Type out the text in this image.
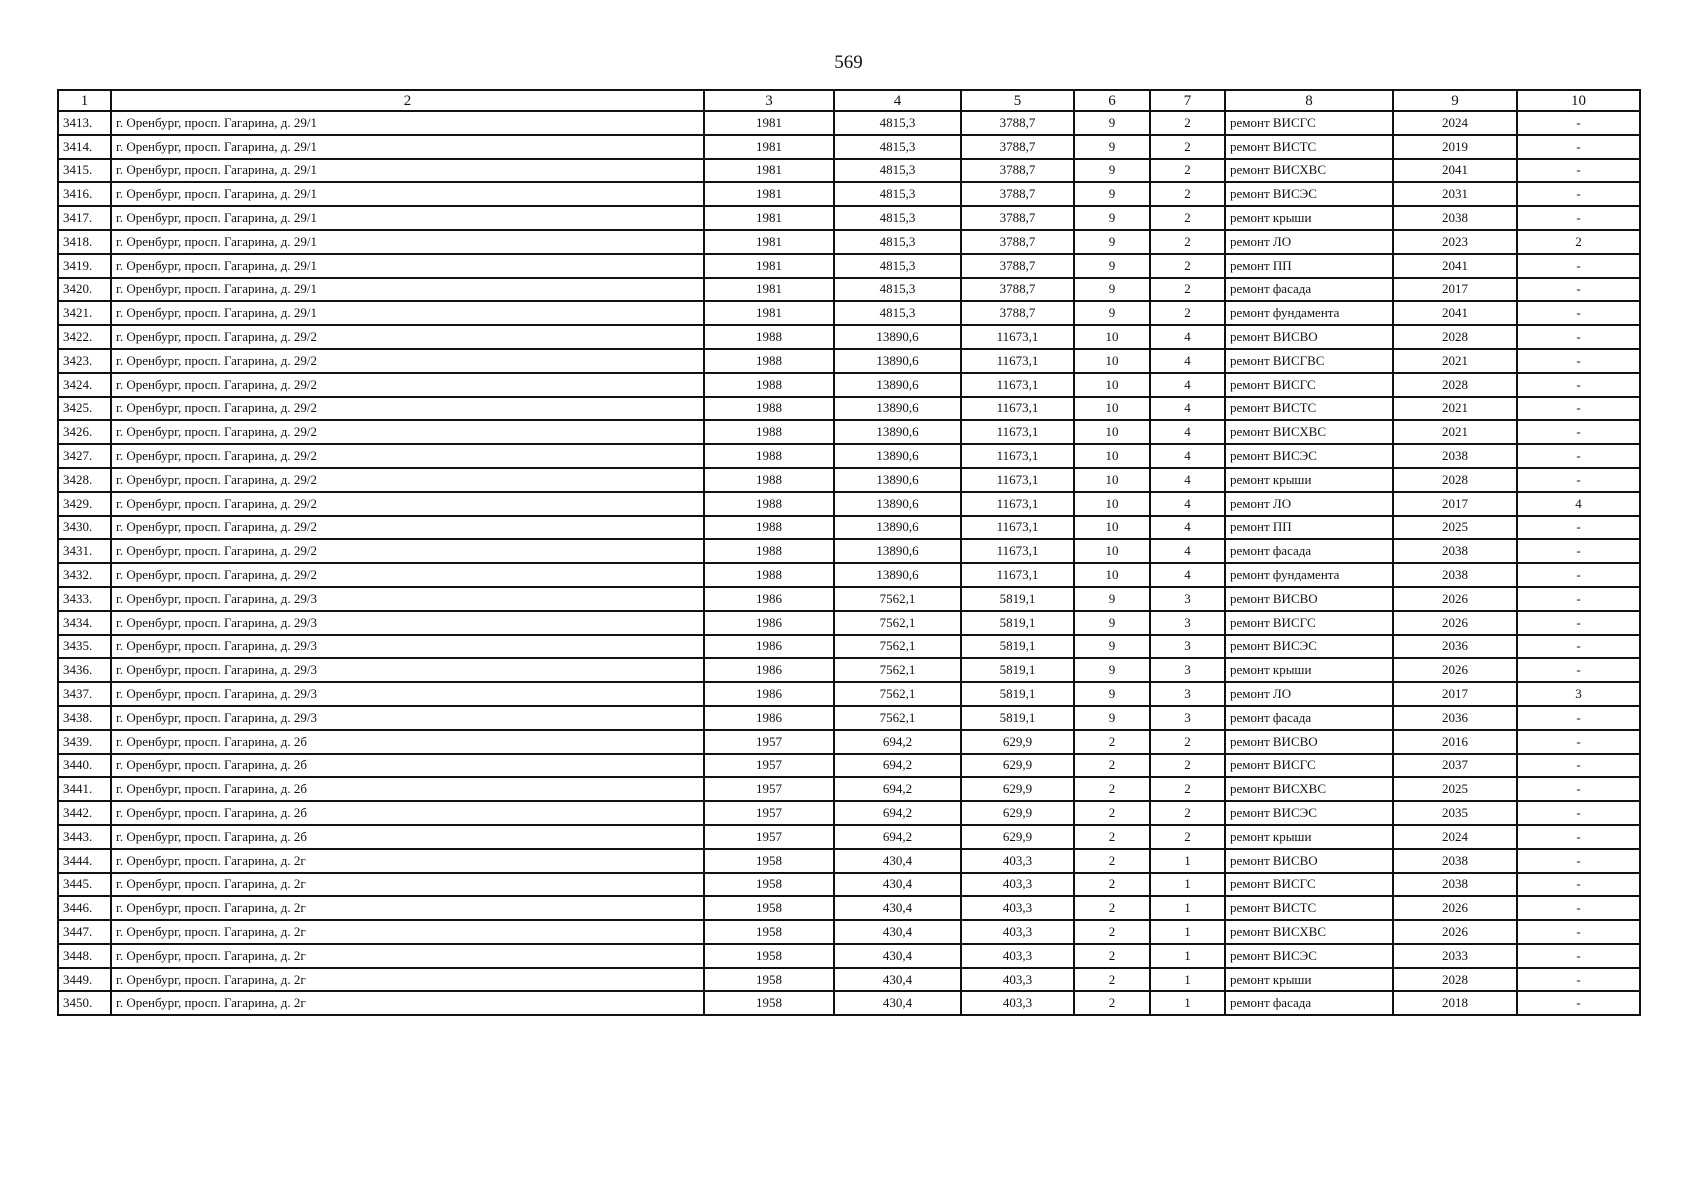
569
1	2	3	4	5	6	7	8	9	10
3413.	г. Оренбург, просп. Гагарина, д. 29/1	1981	4815,3	3788,7	9	2	ремонт ВИСГС	2024	-
3414.	г. Оренбург, просп. Гагарина, д. 29/1	1981	4815,3	3788,7	9	2	ремонт ВИСТС	2019	-
3415.	г. Оренбург, просп. Гагарина, д. 29/1	1981	4815,3	3788,7	9	2	ремонт ВИСХВС	2041	-
3416.	г. Оренбург, просп. Гагарина, д. 29/1	1981	4815,3	3788,7	9	2	ремонт ВИСЭС	2031	-
3417.	г. Оренбург, просп. Гагарина, д. 29/1	1981	4815,3	3788,7	9	2	ремонт крыши	2038	-
3418.	г. Оренбург, просп. Гагарина, д. 29/1	1981	4815,3	3788,7	9	2	ремонт ЛО	2023	2
3419.	г. Оренбург, просп. Гагарина, д. 29/1	1981	4815,3	3788,7	9	2	ремонт ПП	2041	-
3420.	г. Оренбург, просп. Гагарина, д. 29/1	1981	4815,3	3788,7	9	2	ремонт фасада	2017	-
3421.	г. Оренбург, просп. Гагарина, д. 29/1	1981	4815,3	3788,7	9	2	ремонт фундамента	2041	-
3422.	г. Оренбург, просп. Гагарина, д. 29/2	1988	13890,6	11673,1	10	4	ремонт ВИСВО	2028	-
3423.	г. Оренбург, просп. Гагарина, д. 29/2	1988	13890,6	11673,1	10	4	ремонт ВИСГВС	2021	-
3424.	г. Оренбург, просп. Гагарина, д. 29/2	1988	13890,6	11673,1	10	4	ремонт ВИСГС	2028	-
3425.	г. Оренбург, просп. Гагарина, д. 29/2	1988	13890,6	11673,1	10	4	ремонт ВИСТС	2021	-
3426.	г. Оренбург, просп. Гагарина, д. 29/2	1988	13890,6	11673,1	10	4	ремонт ВИСХВС	2021	-
3427.	г. Оренбург, просп. Гагарина, д. 29/2	1988	13890,6	11673,1	10	4	ремонт ВИСЭС	2038	-
3428.	г. Оренбург, просп. Гагарина, д. 29/2	1988	13890,6	11673,1	10	4	ремонт крыши	2028	-
3429.	г. Оренбург, просп. Гагарина, д. 29/2	1988	13890,6	11673,1	10	4	ремонт ЛО	2017	4
3430.	г. Оренбург, просп. Гагарина, д. 29/2	1988	13890,6	11673,1	10	4	ремонт ПП	2025	-
3431.	г. Оренбург, просп. Гагарина, д. 29/2	1988	13890,6	11673,1	10	4	ремонт фасада	2038	-
3432.	г. Оренбург, просп. Гагарина, д. 29/2	1988	13890,6	11673,1	10	4	ремонт фундамента	2038	-
3433.	г. Оренбург, просп. Гагарина, д. 29/3	1986	7562,1	5819,1	9	3	ремонт ВИСВО	2026	-
3434.	г. Оренбург, просп. Гагарина, д. 29/3	1986	7562,1	5819,1	9	3	ремонт ВИСГС	2026	-
3435.	г. Оренбург, просп. Гагарина, д. 29/3	1986	7562,1	5819,1	9	3	ремонт ВИСЭС	2036	-
3436.	г. Оренбург, просп. Гагарина, д. 29/3	1986	7562,1	5819,1	9	3	ремонт крыши	2026	-
3437.	г. Оренбург, просп. Гагарина, д. 29/3	1986	7562,1	5819,1	9	3	ремонт ЛО	2017	3
3438.	г. Оренбург, просп. Гагарина, д. 29/3	1986	7562,1	5819,1	9	3	ремонт фасада	2036	-
3439.	г. Оренбург, просп. Гагарина, д. 2б	1957	694,2	629,9	2	2	ремонт ВИСВО	2016	-
3440.	г. Оренбург, просп. Гагарина, д. 2б	1957	694,2	629,9	2	2	ремонт ВИСГС	2037	-
3441.	г. Оренбург, просп. Гагарина, д. 2б	1957	694,2	629,9	2	2	ремонт ВИСХВС	2025	-
3442.	г. Оренбург, просп. Гагарина, д. 2б	1957	694,2	629,9	2	2	ремонт ВИСЭС	2035	-
3443.	г. Оренбург, просп. Гагарина, д. 2б	1957	694,2	629,9	2	2	ремонт крыши	2024	-
3444.	г. Оренбург, просп. Гагарина, д. 2г	1958	430,4	403,3	2	1	ремонт ВИСВО	2038	-
3445.	г. Оренбург, просп. Гагарина, д. 2г	1958	430,4	403,3	2	1	ремонт ВИСГС	2038	-
3446.	г. Оренбург, просп. Гагарина, д. 2г	1958	430,4	403,3	2	1	ремонт ВИСТС	2026	-
3447.	г. Оренбург, просп. Гагарина, д. 2г	1958	430,4	403,3	2	1	ремонт ВИСХВС	2026	-
3448.	г. Оренбург, просп. Гагарина, д. 2г	1958	430,4	403,3	2	1	ремонт ВИСЭС	2033	-
3449.	г. Оренбург, просп. Гагарина, д. 2г	1958	430,4	403,3	2	1	ремонт крыши	2028	-
3450.	г. Оренбург, просп. Гагарина, д. 2г	1958	430,4	403,3	2	1	ремонт фасада	2018	-
